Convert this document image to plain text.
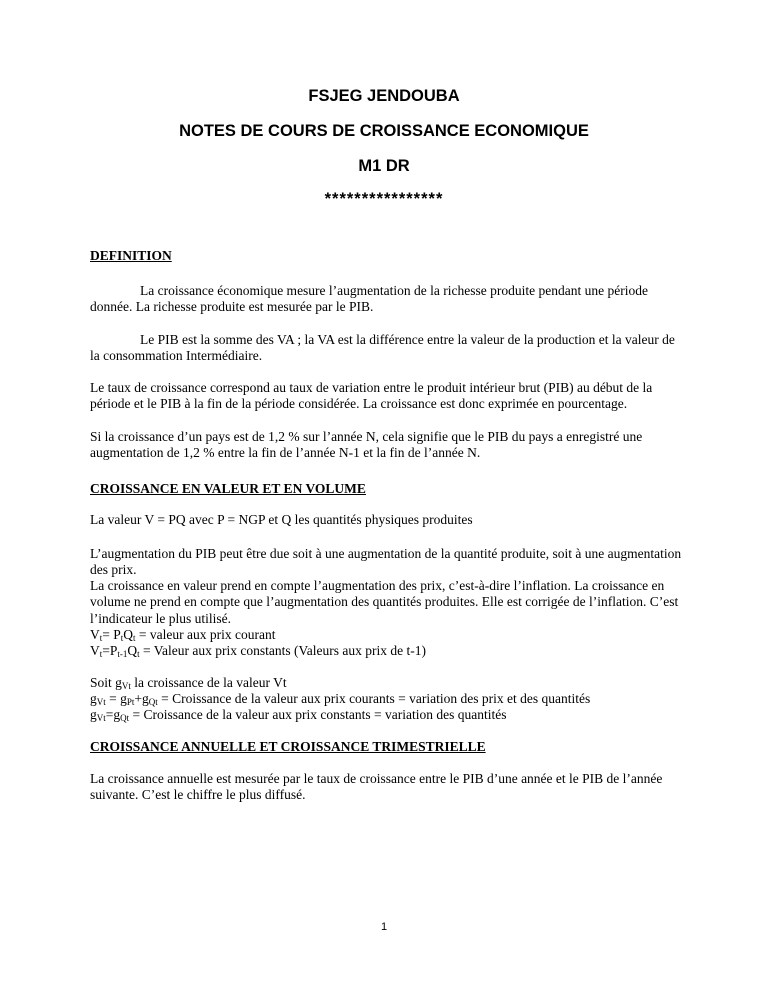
FSJEG JENDOUBA
NOTES DE COURS DE CROISSANCE ECONOMIQUE
M1 DR
****************
DEFINITION
La croissance économique mesure l’augmentation de la richesse produite pendant une période donnée. La richesse produite est mesurée par le PIB.
Le PIB est la somme des VA ; la VA est la différence entre la valeur de la production et la valeur de la consommation Intermédiaire.
Le taux de croissance correspond au taux de variation entre le produit intérieur brut (PIB) au début de la période et le PIB à la fin de la période considérée. La croissance est donc exprimée en pourcentage.
Si la croissance d’un pays est de 1,2 % sur l’année N, cela signifie que le PIB du pays a enregistré une augmentation de 1,2 % entre la fin de l’année N-1 et la fin de l’année N.
CROISSANCE EN VALEUR ET EN VOLUME
La valeur V = PQ avec P = NGP et Q les quantités physiques produites
L’augmentation du PIB peut être due soit à une augmentation de la quantité produite, soit à une augmentation des prix.
La croissance en valeur prend en compte l’augmentation des prix, c’est-à-dire l’inflation. La croissance en volume ne prend en compte que l’augmentation des quantités produites. Elle est corrigée de l’inflation. C’est l’indicateur le plus utilisé.
$V_t= P_tQ_t$ = valeur aux prix courant
$V_t=P_{t-1}Q_t$ = Valeur aux prix constants (Valeurs aux prix de t-1)
Soit $g_{Vt}$ la croissance de la valeur Vt
$g_{Vt} = g_{Pt}+g_{Qt}$ = Croissance de la valeur aux prix courants = variation des prix et des quantités
$g_{Vt}=g_{Qt}$ = Croissance de la valeur aux prix constants = variation des quantités
CROISSANCE ANNUELLE ET CROISSANCE TRIMESTRIELLE
La croissance annuelle est mesurée par le taux de croissance entre le PIB d’une année et le PIB de l’année suivante. C’est le chiffre le plus diffusé.
1
